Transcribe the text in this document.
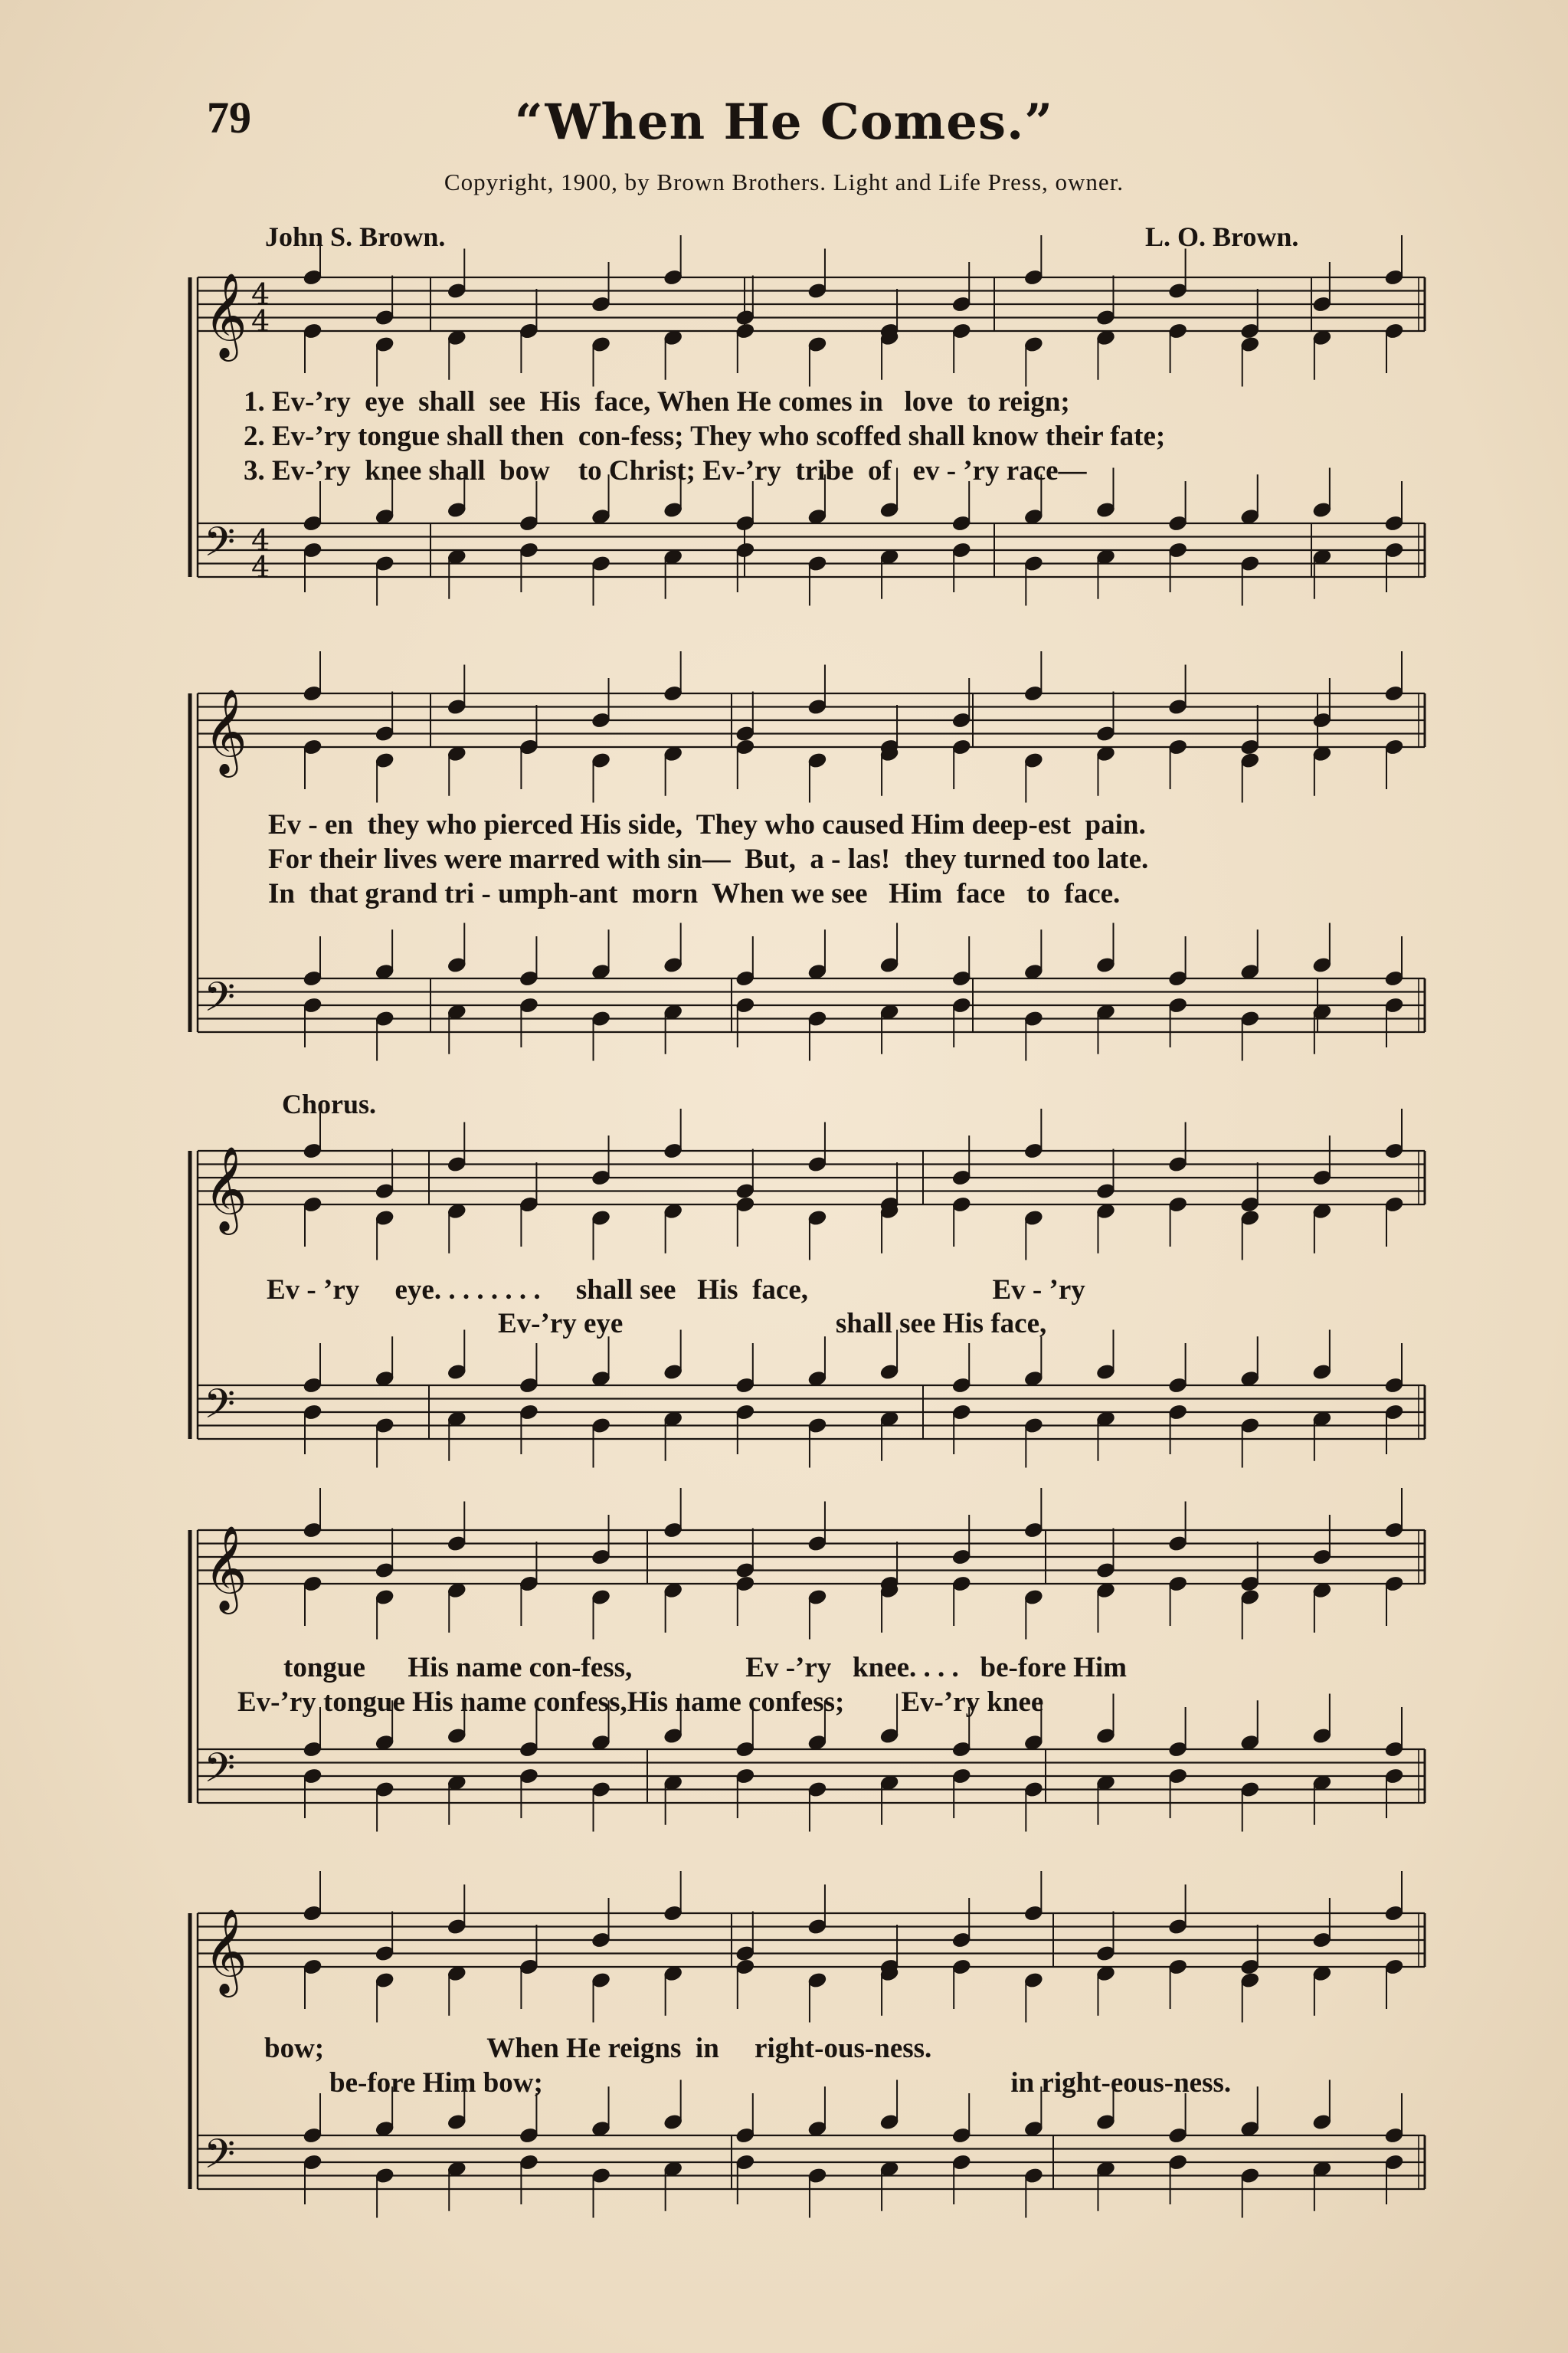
79	“When He Comes.”
Copyright, 1900, by Brown Brothers. Light and Life Press, owner.
John S. Brown.	L. O. Brown.
𝄞
𝄢
4
4
4
4
𝄞
𝄢
𝄞
𝄢
𝄞
𝄢
𝄞
𝄢
1. Ev-’ry  eye  shall  see  His  face, When He comes in   love  to reign;
2. Ev-’ry tongue shall then  con-fess; They who scoffed shall know their fate;
3. Ev-’ry  knee shall  bow    to Christ; Ev-’ry  tribe  of   ev - ’ry race—
Ev - en  they who pierced His side,  They who caused Him deep-est  pain.
For their lives were marred with sin—  But,  a - las!  they turned too late.
In  that grand tri - umph-ant  morn  When we see   Him  face   to  face.
Chorus.
Ev - ’ry     eye. . . . . . . .     shall see   His  face,                          Ev - ’ry
Ev-’ry eye                              shall see His face,
tongue      His name con-fess,                Ev -’ry   knee. . . .   be-fore Him
Ev-’ry tongue His name confess,His name confess;        Ev-’ry knee
bow;                       When He reigns  in     right-ous-ness.
be-fore Him bow;                                                                  in right-eous-ness.
